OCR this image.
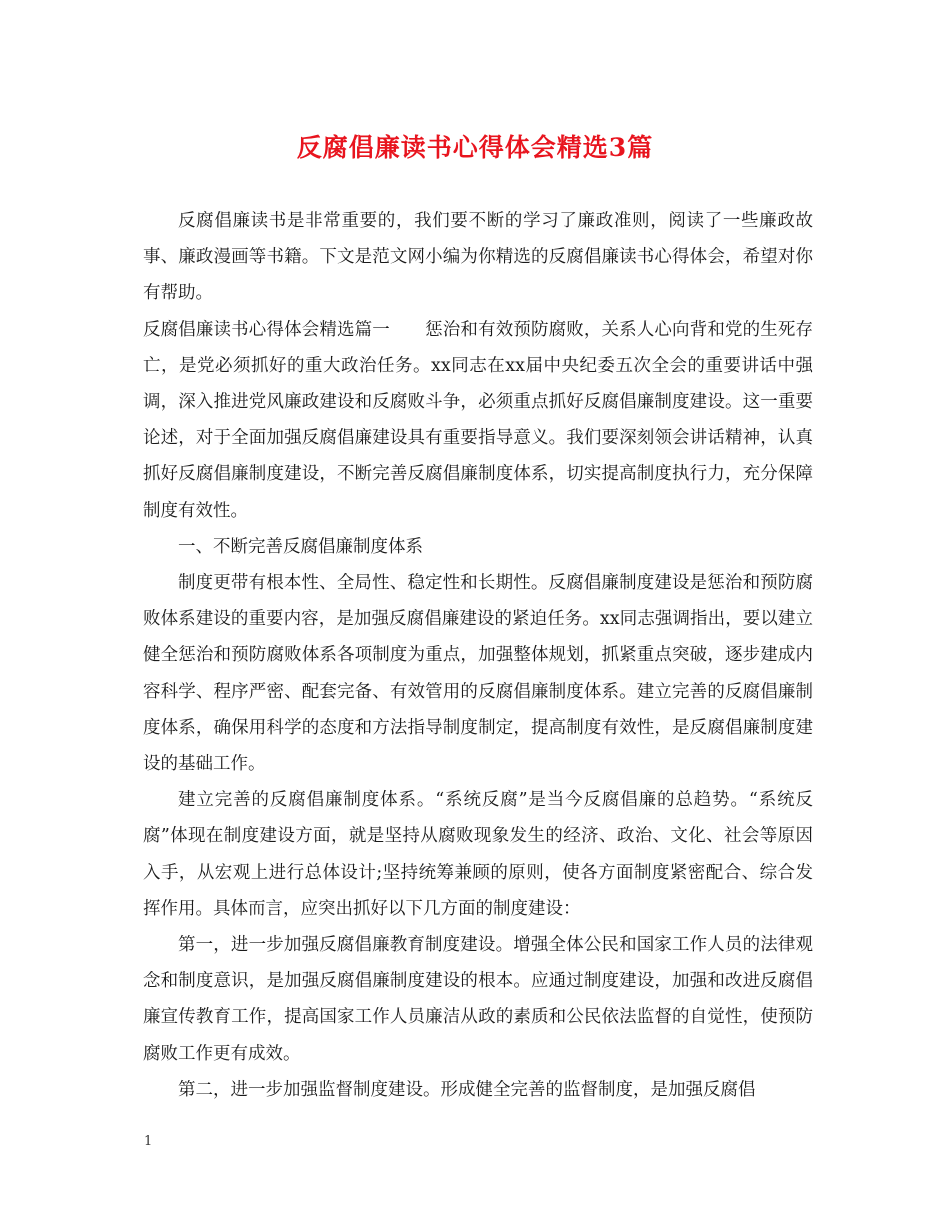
反腐倡廉读书心得体会精选3篇

反腐倡廉读书是非常重要的，我们要不断的学习了廉政准则，阅读了一些廉政故事、廉政漫画等书籍。下文是范文网小编为你精选的反腐倡廉读书心得体会，希望对你有帮助。

反腐倡廉读书心得体会精选篇一　　惩治和有效预防腐败，关系人心向背和党的生死存亡，是党必须抓好的重大政治任务。xx同志在xx届中央纪委五次全会的重要讲话中强调，深入推进党风廉政建设和反腐败斗争，必须重点抓好反腐倡廉制度建设。这一重要论述，对于全面加强反腐倡廉建设具有重要指导意义。我们要深刻领会讲话精神，认真抓好反腐倡廉制度建设，不断完善反腐倡廉制度体系，切实提高制度执行力，充分保障制度有效性。

一、不断完善反腐倡廉制度体系

制度更带有根本性、全局性、稳定性和长期性。反腐倡廉制度建设是惩治和预防腐败体系建设的重要内容，是加强反腐倡廉建设的紧迫任务。xx同志强调指出，要以建立健全惩治和预防腐败体系各项制度为重点，加强整体规划，抓紧重点突破，逐步建成内容科学、程序严密、配套完备、有效管用的反腐倡廉制度体系。建立完善的反腐倡廉制度体系，确保用科学的态度和方法指导制度制定，提高制度有效性，是反腐倡廉制度建设的基础工作。

建立完善的反腐倡廉制度体系。“系统反腐”是当今反腐倡廉的总趋势。“系统反腐”体现在制度建设方面，就是坚持从腐败现象发生的经济、政治、文化、社会等原因入手，从宏观上进行总体设计;坚持统筹兼顾的原则，使各方面制度紧密配合、综合发挥作用。具体而言，应突出抓好以下几方面的制度建设：

第一，进一步加强反腐倡廉教育制度建设。增强全体公民和国家工作人员的法律观念和制度意识，是加强反腐倡廉制度建设的根本。应通过制度建设，加强和改进反腐倡廉宣传教育工作，提高国家工作人员廉洁从政的素质和公民依法监督的自觉性，使预防腐败工作更有成效。

第二，进一步加强监督制度建设。形成健全完善的监督制度，是加强反腐倡

1
